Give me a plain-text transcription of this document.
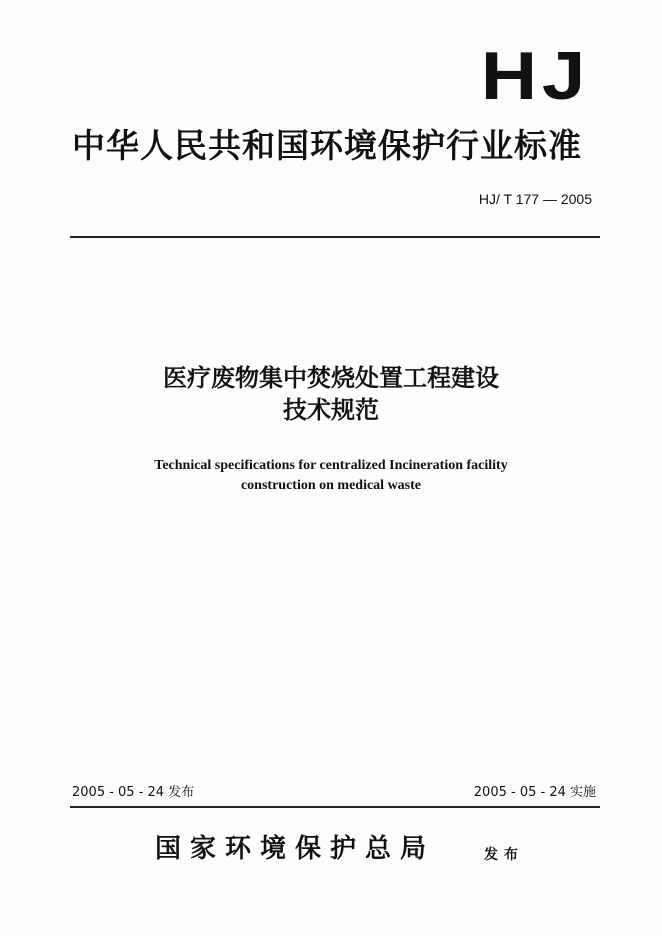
HJ
中华人民共和国环境保护行业标准
HJ/ T 177 — 2005
医疗废物集中焚烧处置工程建设
技术规范
Technical specifications for centralized Incineration facility
construction on medical waste
2005 - 05 - 24 发布	2005 - 05 - 24 实施
国家环境保护总局	发布
